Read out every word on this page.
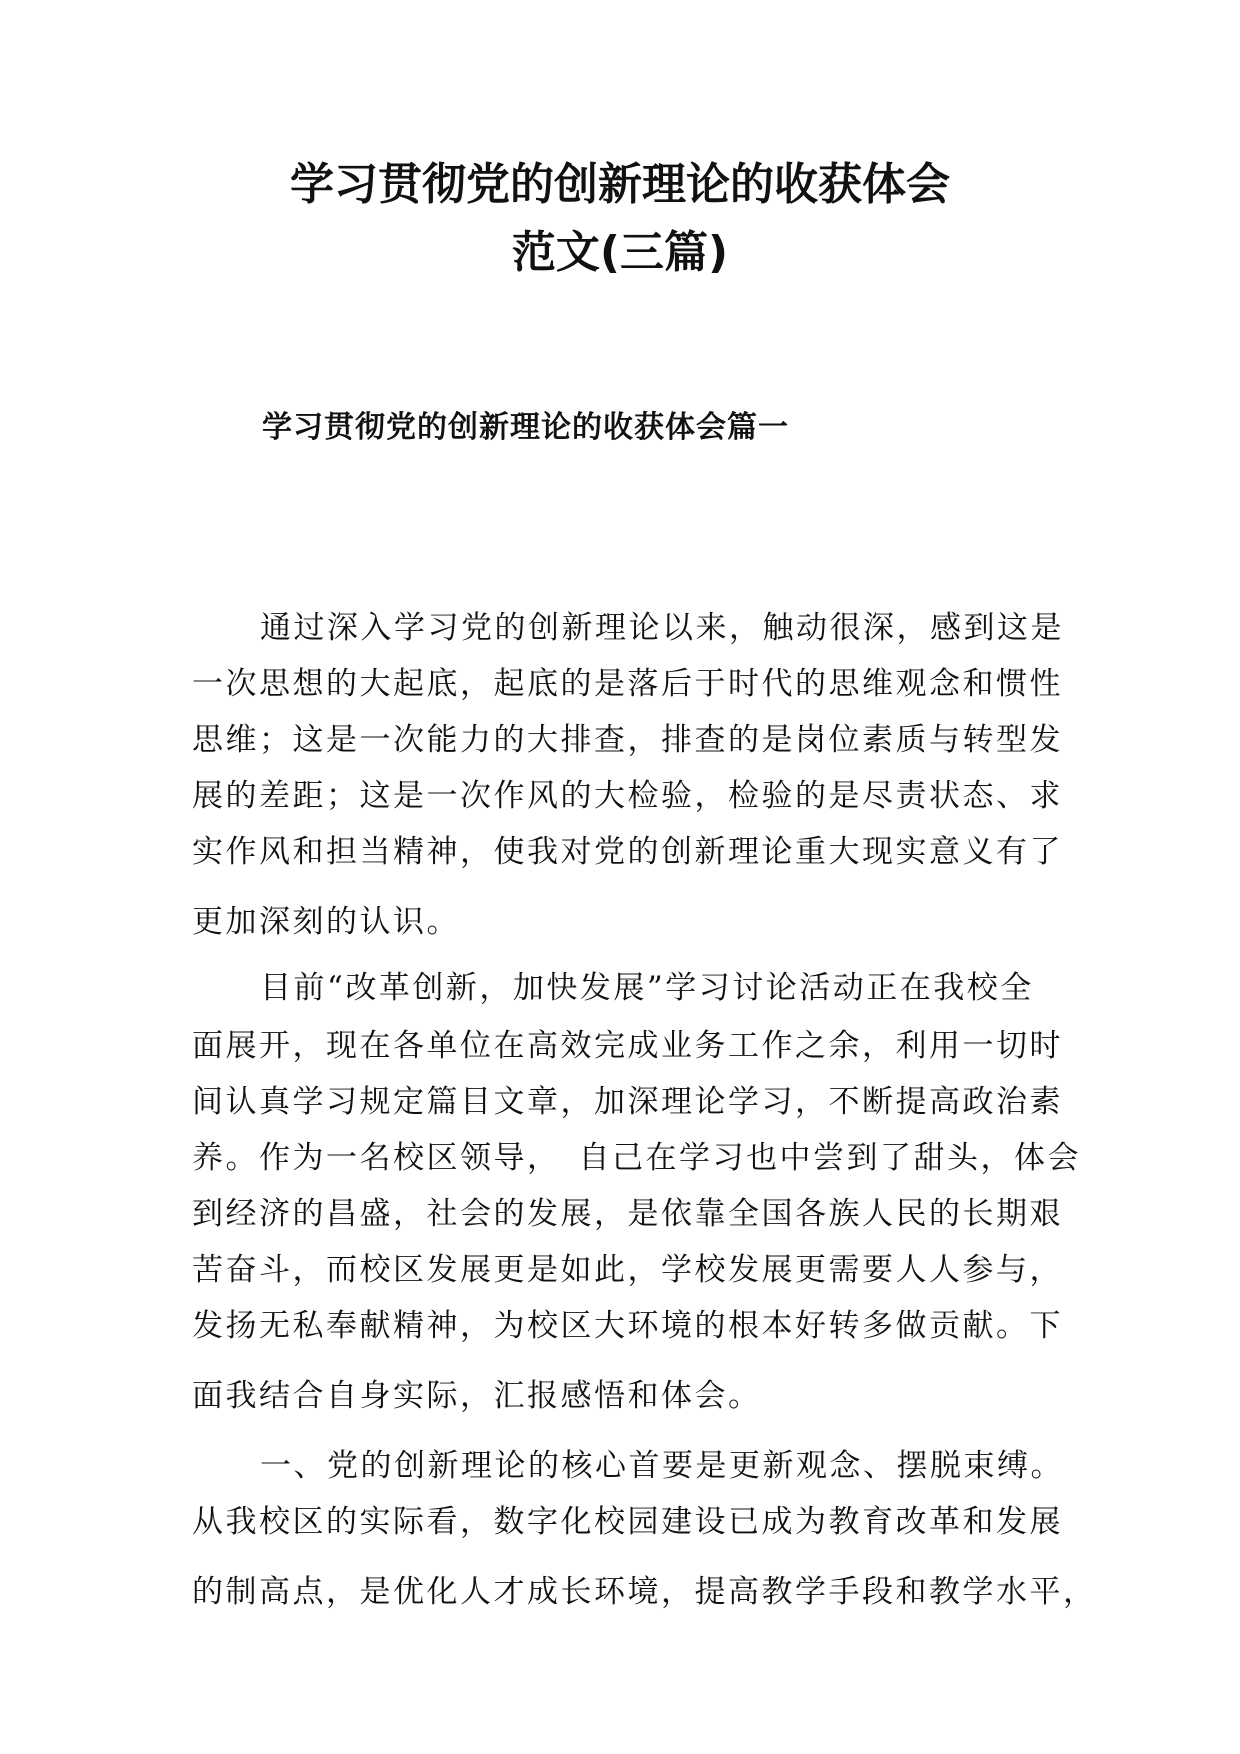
学习贯彻党的创新理论的收获体会
范文(三篇)
学习贯彻党的创新理论的收获体会篇一

通过深入学习党的创新理论以来，触动很深，感到这是

一次思想的大起底，起底的是落后于时代的思维观念和惯性

思维；这是一次能力的大排查，排查的是岗位素质与转型发

展的差距；这是一次作风的大检验，检验的是尽责状态、求

实作风和担当精神，使我对党的创新理论重大现实意义有了

更加深刻的认识。

目前“改革创新，加快发展”学习讨论活动正在我校全

面展开，现在各单位在高效完成业务工作之余，利用一切时

间认真学习规定篇目文章，加深理论学习，不断提高政治素

养。作为一名校区领导，　自己在学习也中尝到了甜头，体会

到经济的昌盛，社会的发展，是依靠全国各族人民的长期艰

苦奋斗，而校区发展更是如此，学校发展更需要人人参与，

发扬无私奉献精神，为校区大环境的根本好转多做贡献。下

面我结合自身实际，汇报感悟和体会。

一、党的创新理论的核心首要是更新观念、摆脱束缚。

从我校区的实际看，数字化校园建设已成为教育改革和发展

的制高点，是优化人才成长环境，提高教学手段和教学水平，
